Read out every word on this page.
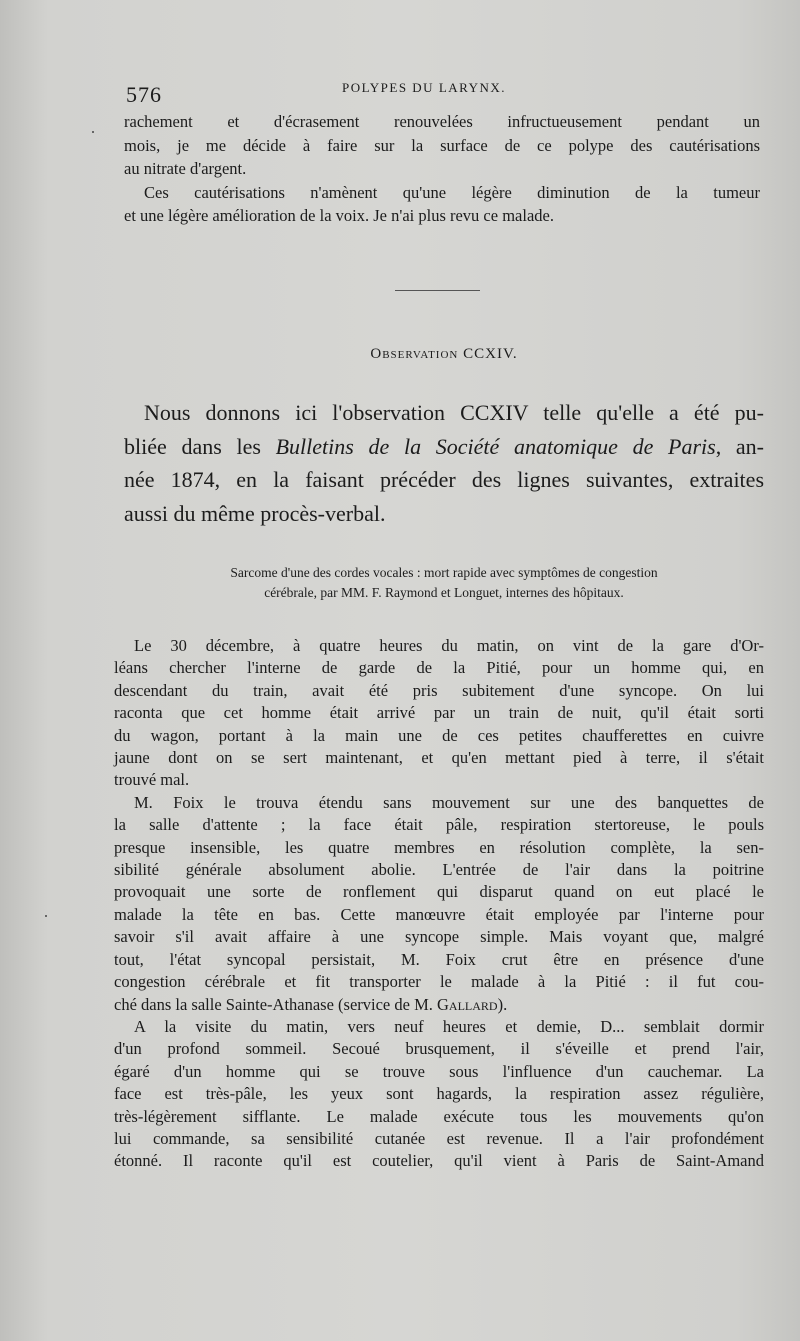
576	POLYPES DU LARYNX.
rachement et d'écrasement renouvelées infructueusement pendant un
mois, je me décide à faire sur la surface de ce polype des cautérisations
au nitrate d'argent.
Ces cautérisations n'amènent qu'une légère diminution de la tumeur
et une légère amélioration de la voix. Je n'ai plus revu ce malade.
Observation CCXIV.
Nous donnons ici l'observation CCXIV telle qu'elle a été pu-
bliée dans les Bulletins de la Société anatomique de Paris, an-
née 1874, en la faisant précéder des lignes suivantes, extraites
aussi du même procès-verbal.
Sarcome d'une des cordes vocales : mort rapide avec symptômes de congestion
cérébrale, par MM. F. Raymond et Longuet, internes des hôpitaux.
Le 30 décembre, à quatre heures du matin, on vint de la gare d'Or-
léans chercher l'interne de garde de la Pitié, pour un homme qui, en
descendant du train, avait été pris subitement d'une syncope. On lui
raconta que cet homme était arrivé par un train de nuit, qu'il était sorti
du wagon, portant à la main une de ces petites chaufferettes en cuivre
jaune dont on se sert maintenant, et qu'en mettant pied à terre, il s'était
trouvé mal.
M. Foix le trouva étendu sans mouvement sur une des banquettes de
la salle d'attente ; la face était pâle, respiration stertoreuse, le pouls
presque insensible, les quatre membres en résolution complète, la sen-
sibilité générale absolument abolie. L'entrée de l'air dans la poitrine
provoquait une sorte de ronflement qui disparut quand on eut placé le
malade la tête en bas. Cette manœuvre était employée par l'interne pour
savoir s'il avait affaire à une syncope simple. Mais voyant que, malgré
tout, l'état syncopal persistait, M. Foix crut être en présence d'une
congestion cérébrale et fit transporter le malade à la Pitié : il fut cou-
ché dans la salle Sainte-Athanase (service de M. Gallard).
A la visite du matin, vers neuf heures et demie, D... semblait dormir
d'un profond sommeil. Secoué brusquement, il s'éveille et prend l'air,
égaré d'un homme qui se trouve sous l'influence d'un cauchemar. La
face est très-pâle, les yeux sont hagards, la respiration assez régulière,
très-légèrement sifflante. Le malade exécute tous les mouvements qu'on
lui commande, sa sensibilité cutanée est revenue. Il a l'air profondément
étonné. Il raconte qu'il est coutelier, qu'il vient à Paris de Saint-Amand
